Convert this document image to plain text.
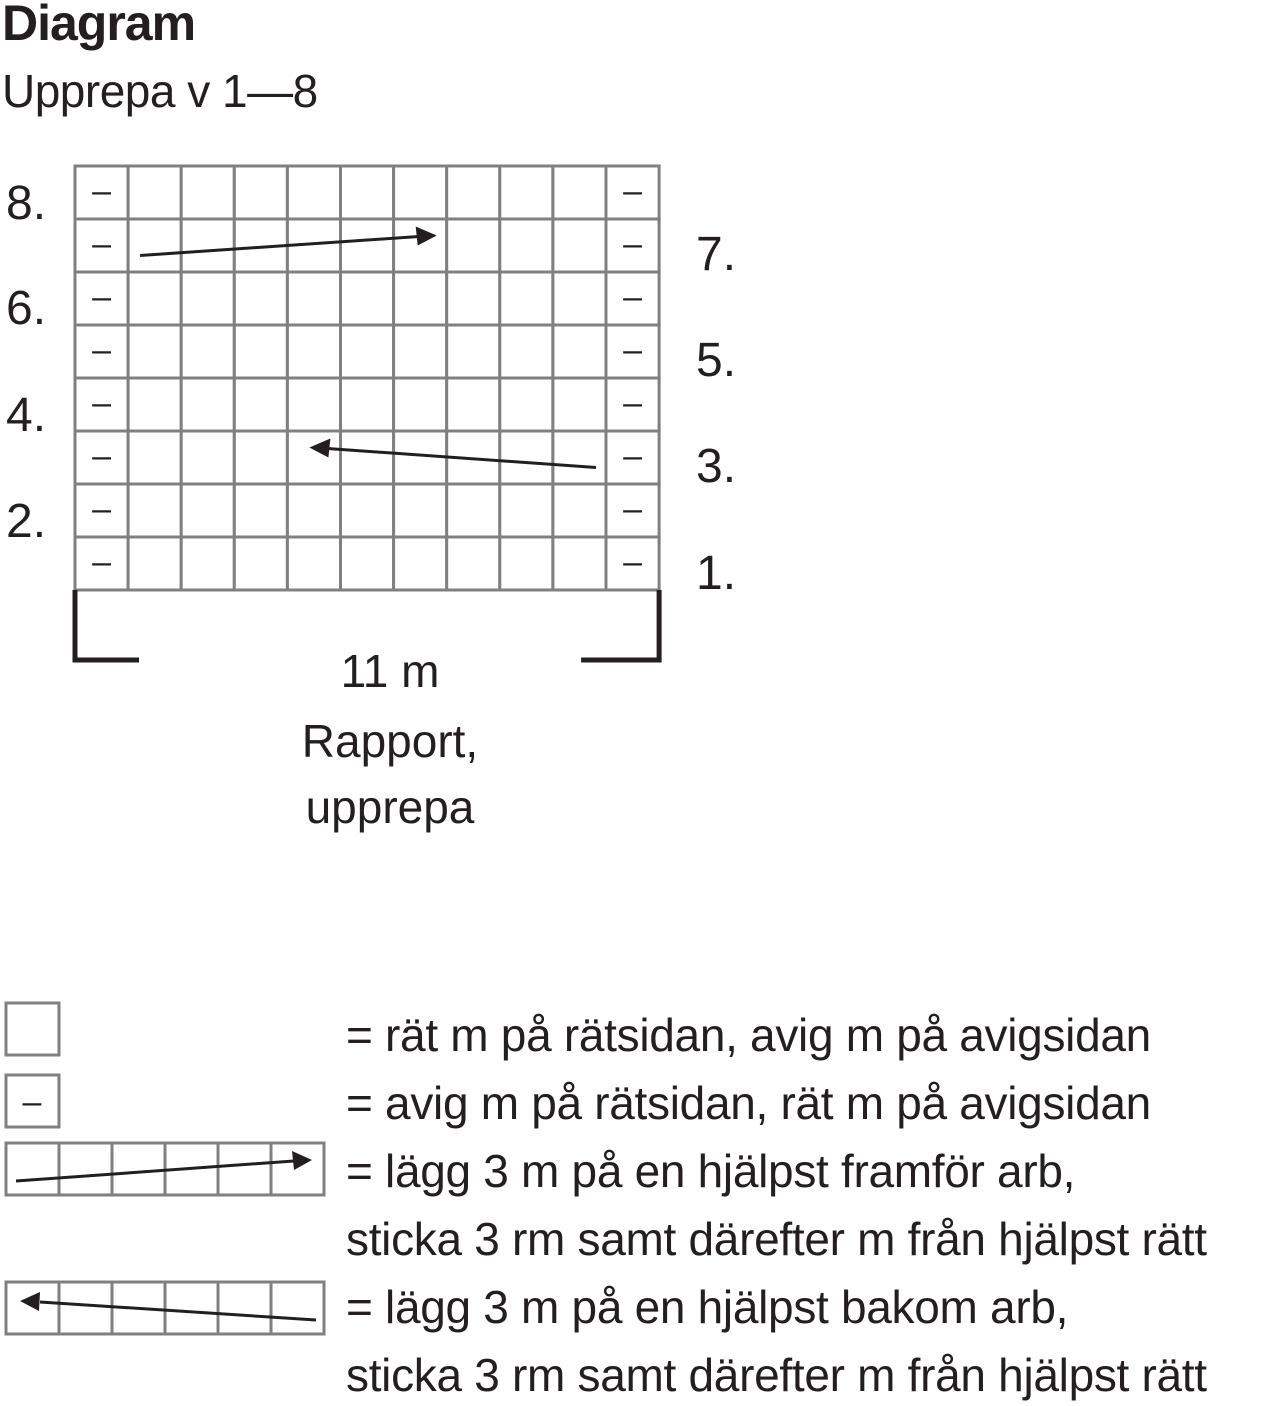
Diagram
Upprepa v 1—8
–	–
–	–
–	–
–	–
–	–
–	–
–	–
–	–
8.
6.
4.
2.
7.
5.
3.
1.
11 m
Rapport,
upprepa
–
= rät m på rätsidan, avig m på avigsidan
= avig m på rätsidan, rät m på avigsidan
= lägg 3 m på en hjälpst framför arb,
sticka 3 rm samt därefter m från hjälpst rätt
= lägg 3 m på en hjälpst bakom arb,
sticka 3 rm samt därefter m från hjälpst rätt
